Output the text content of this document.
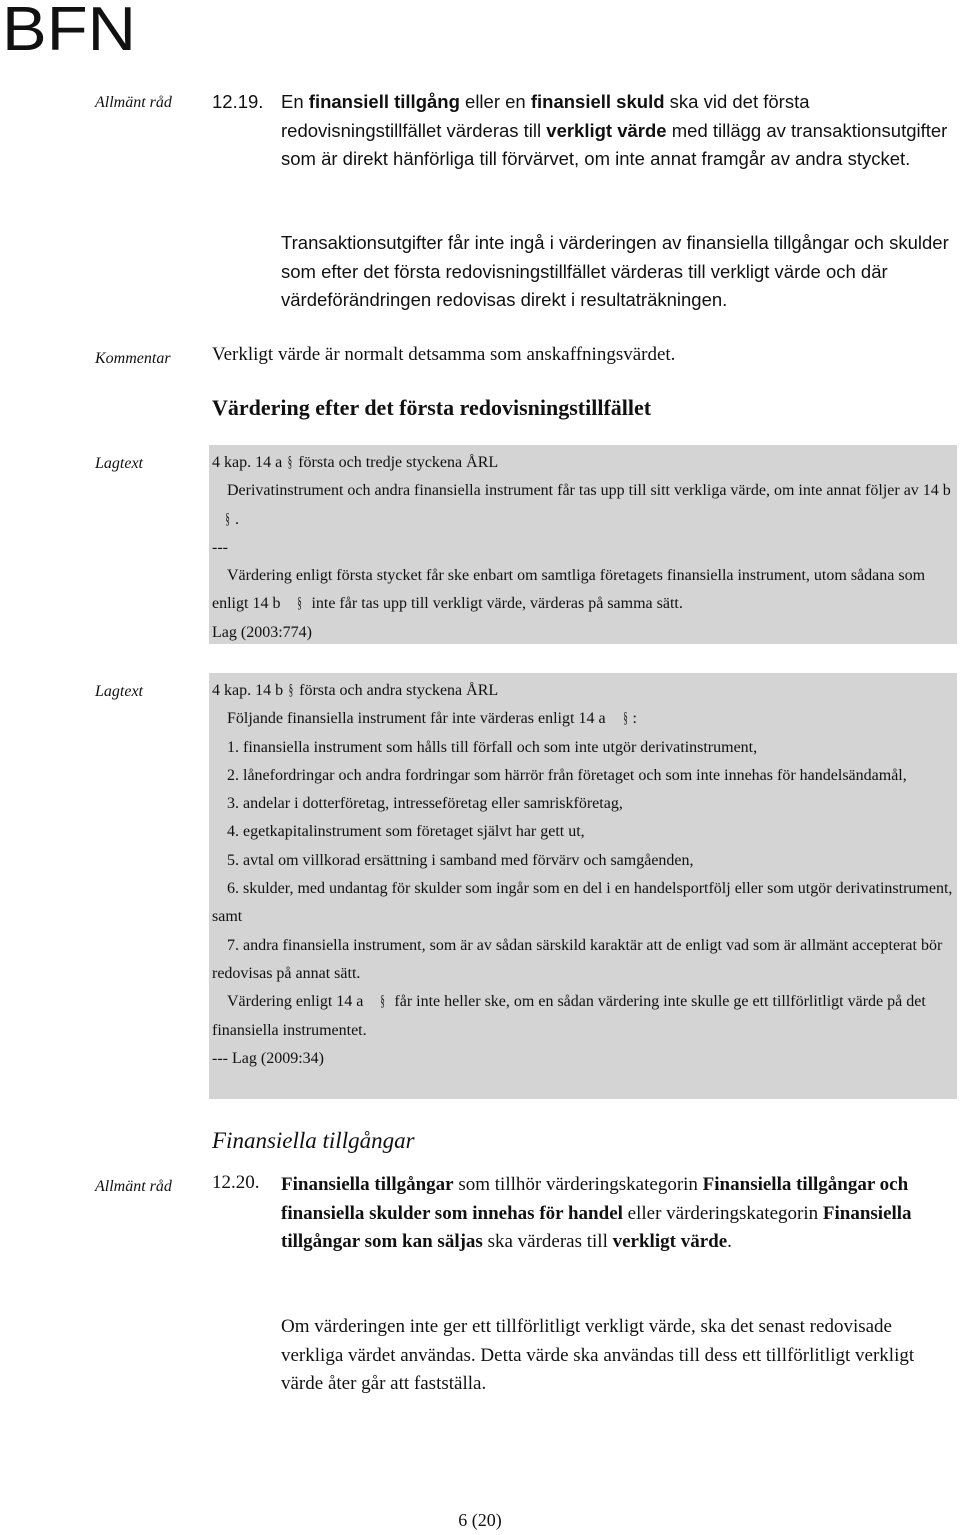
BFN
Allmänt råd 12.19. En finansiell tillgång eller en finansiell skuld ska vid det första redovisningstillfället värderas till verkligt värde med tillägg av transaktionsutgifter som är direkt hänförliga till förvärvet, om inte annat framgår av andra stycket.

Transaktionsutgifter får inte ingå i värderingen av finansiella tillgångar och skulder som efter det första redovisningstillfället värderas till verkligt värde och där värdeförändringen redovisas direkt i resultaträkningen.

Kommentar Verkligt värde är normalt detsamma som anskaffningsvärdet.
Värdering efter det första redovisningstillfället
Lagtext	4 kap. 14 a § första och tredje styckena ÅRL
Derivatinstrument och andra finansiella instrument får tas upp till sitt verkliga värde, om inte annat följer av 14 b § .
---
Värdering enligt första stycket får ske enbart om samtliga företagets finansiella instrument, utom sådana som enligt 14 b § inte får tas upp till verkligt värde, värderas på samma sätt.
Lag (2003:774)
Lagtext	4 kap. 14 b § första och andra styckena ÅRL
Följande finansiella instrument får inte värderas enligt 14 a § :
1. finansiella instrument som hålls till förfall och som inte utgör derivatinstrument,
2. lånefordringar och andra fordringar som härrör från företaget och som inte innehas för handelsändamål,
3. andelar i dotterföretag, intresseföretag eller samriskföretag,
4. egetkapitalinstrument som företaget självt har gett ut,
5. avtal om villkorad ersättning i samband med förvärv och samgåenden,
6. skulder, med undantag för skulder som ingår som en del i en handelsportfölj eller som utgör derivatinstrument, samt
7. andra finansiella instrument, som är av sådan särskild karaktär att de enligt vad som är allmänt accepterat bör redovisas på annat sätt.
Värdering enligt 14 a § får inte heller ske, om en sådan värdering inte skulle ge ett tillförlitligt värde på det finansiella instrumentet.
--- Lag (2009:34)
Finansiella tillgångar
Allmänt råd 12.20. Finansiella tillgångar som tillhör värderingskategorin Finansiella tillgångar och finansiella skulder som innehas för handel eller värderingskategorin Finansiella tillgångar som kan säljas ska värderas till verkligt värde.

Om värderingen inte ger ett tillförlitligt verkligt värde, ska det senast redovisade verkliga värdet användas. Detta värde ska användas till dess ett tillförlitligt verkligt värde åter går att fastställa.

6 (20)
